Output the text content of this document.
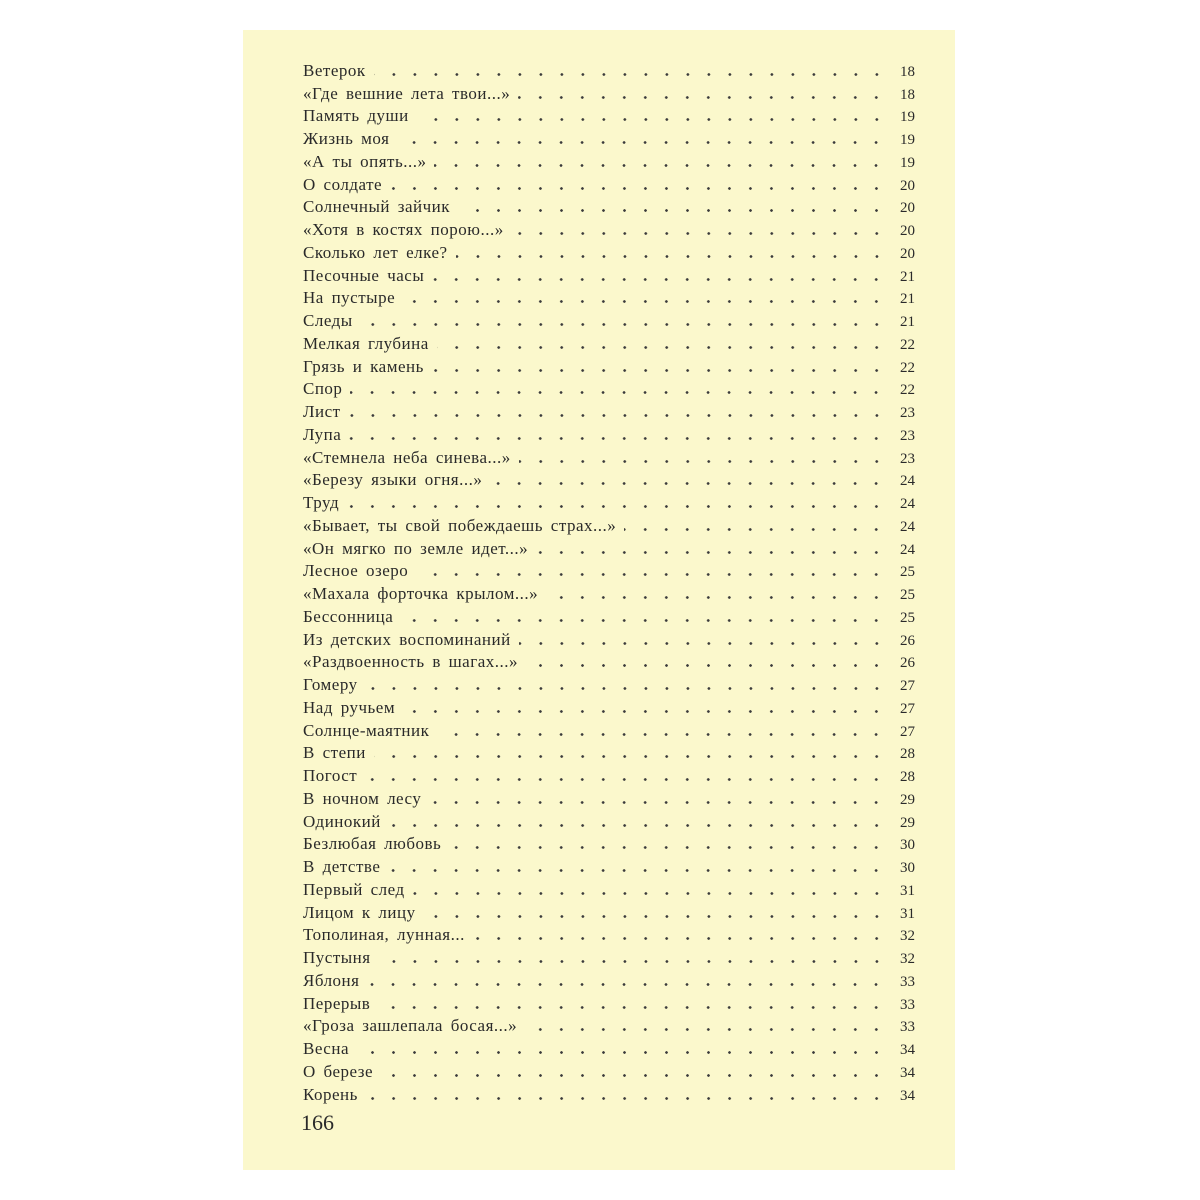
Ветерок	18
«Где вешние лета твои...»	18
Память души	19
Жизнь моя	19
«А ты опять...»	19
О солдате	20
Солнечный зайчик	20
«Хотя в костях порою...»	20
Сколько лет елке?	20
Песочные часы	21
На пустыре	21
Следы	21
Мелкая глубина	22
Грязь и камень	22
Спор	22
Лист	23
Лупа	23
«Стемнела неба синева...»	23
«Березу языки огня...»	24
Труд	24
«Бывает, ты свой побеждаешь страх...»	24
«Он мягко по земле идет...»	24
Лесное озеро	25
«Махала форточка крылом...»	25
Бессонница	25
Из детских воспоминаний	26
«Раздвоенность в шагах...»	26
Гомеру	27
Над ручьем	27
Солнце-маятник	27
В степи	28
Погост	28
В ночном лесу	29
Одинокий	29
Безлюбая любовь	30
В детстве	30
Первый след	31
Лицом к лицу	31
Тополиная, лунная...	32
Пустыня	32
Яблоня	33
Перерыв	33
«Гроза зашлепала босая...»	33
Весна	34
О березе	34
Корень	34
166
